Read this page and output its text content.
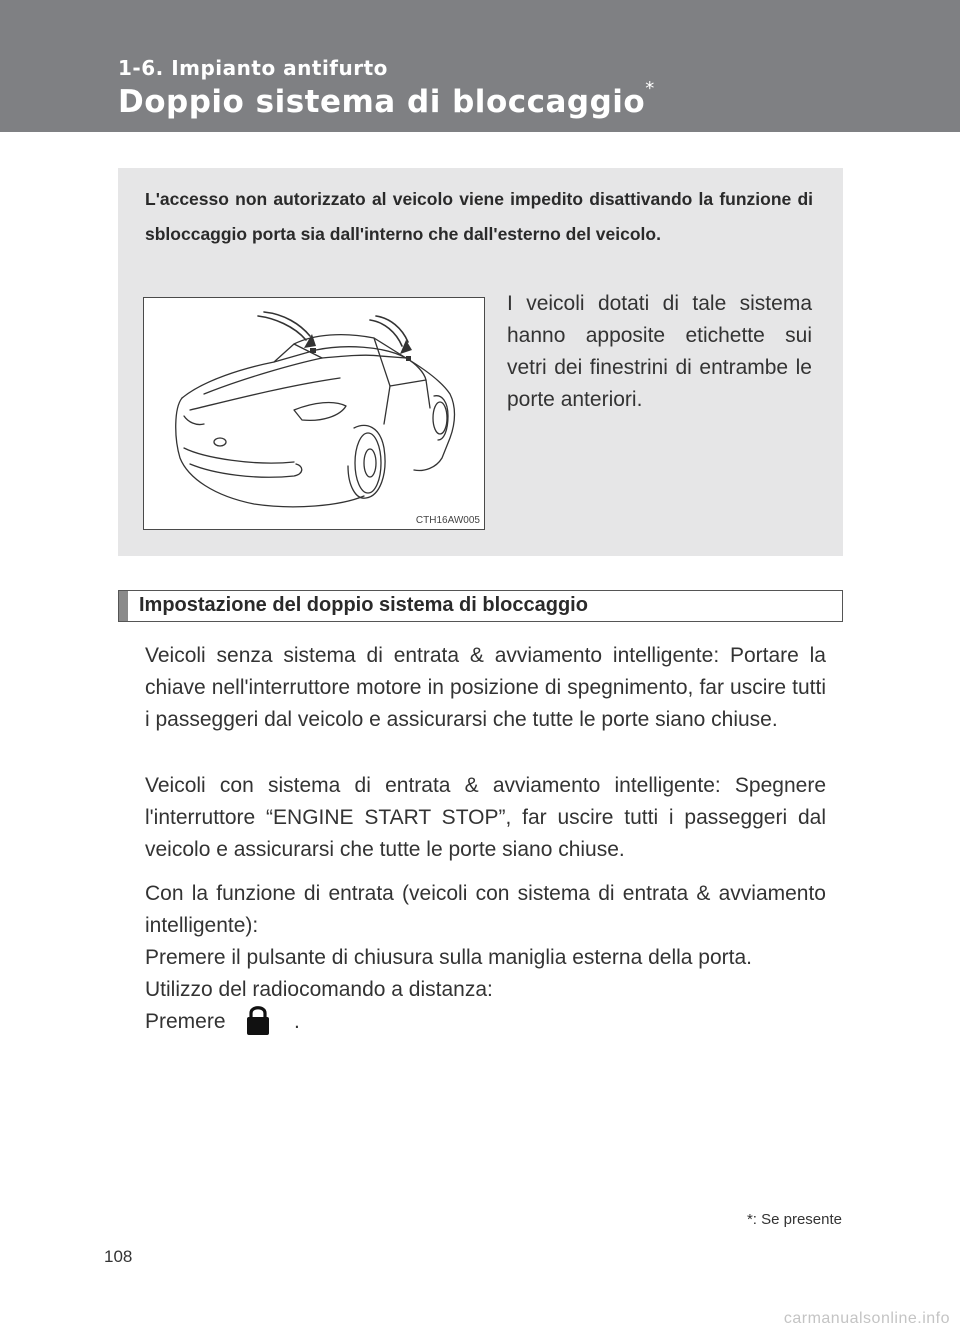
1-6. Impianto antifurto
Doppio sistema di bloccaggio*
L'accesso non autorizzato al veicolo viene impedito disattivando la funzione di sbloccaggio porta sia dall'interno che dall'esterno del veicolo.
CTH16AW005
I veicoli dotati di tale sistema hanno apposite etichette sui vetri dei finestrini di entrambe le porte anteriori.
Impostazione del doppio sistema di bloccaggio
Veicoli senza sistema di entrata & avviamento intelligente: Portare la chiave nell'interruttore motore in posizione di spegnimento, far uscire tutti i passeggeri dal veicolo e assicurarsi che tutte le porte siano chiuse.
Veicoli con sistema di entrata & avviamento intelligente: Spegnere l'interruttore “ENGINE START STOP”, far uscire tutti i passeggeri dal veicolo e assicurarsi che tutte le porte siano chiuse.
Con la funzione di entrata (veicoli con sistema di entrata & avviamento intelligente):
Premere il pulsante di chiusura sulla maniglia esterna della porta.
Utilizzo del radiocomando a distanza:
Premere	.
*: Se presente
108
carmanualsonline.info
